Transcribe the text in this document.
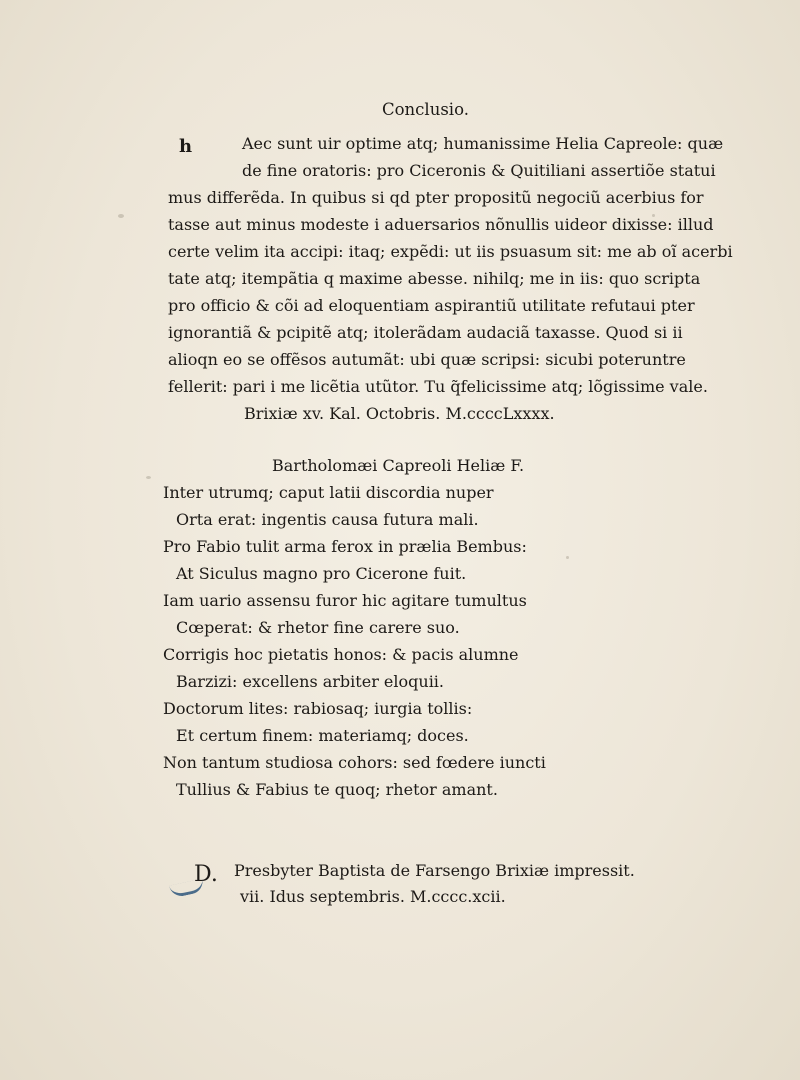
Conclusio.
h	Aec sunt uir optime atq; humanissime Helia Capreole: quæ
de fine oratoris: pro Ciceronis & Quitiliani assertiõe statui
mus differẽda. In quibus si qd pter propositũ negociũ acerbius for
tasse aut minus modeste i aduersarios nõnullis uideor dixisse: illud
certe velim ita accipi: itaq; expẽdi: ut iis psuasum sit: me ab oĩ acerbi
tate atq; itempãtia q maxime abesse. nihilq; me in iis: quo scripta
pro officio & cõi ad eloquentiam aspirantiũ utilitate refutaui pter
ignorantiã & pcipitẽ atq; itolerãdam audaciã taxasse. Quod si ii
alioqn eo se offẽsos autumãt: ubi quæ scripsi: sicubi poteruntre
fellerit: pari i me licẽtia utũtor. Tu q̃felicissime atq; lõgissime vale.
Brixiæ xv. Kal. Octobris. M.ccccLxxxx.
Bartholomæi Capreoli Heliæ F.
Inter utrumq; caput latii discordia nuper
Orta erat: ingentis causa futura mali.
Pro Fabio tulit arma ferox in prælia Bembus:
At Siculus magno pro Cicerone fuit.
Iam uario assensu furor hic agitare tumultus
Cœperat: & rhetor fine carere suo.
Corrigis hoc pietatis honos: & pacis alumne
Barzizi: excellens arbiter eloquii.
Doctorum lites: rabiosaq; iurgia tollis:
Et certum finem: materiamq; doces.
Non tantum studiosa cohors: sed fœdere iuncti
Tullius & Fabius te quoq; rhetor amant.
D. Presbyter Baptista de Farsengo Brixiæ impressit.
vii. Idus septembris. M.cccc.xcii.
